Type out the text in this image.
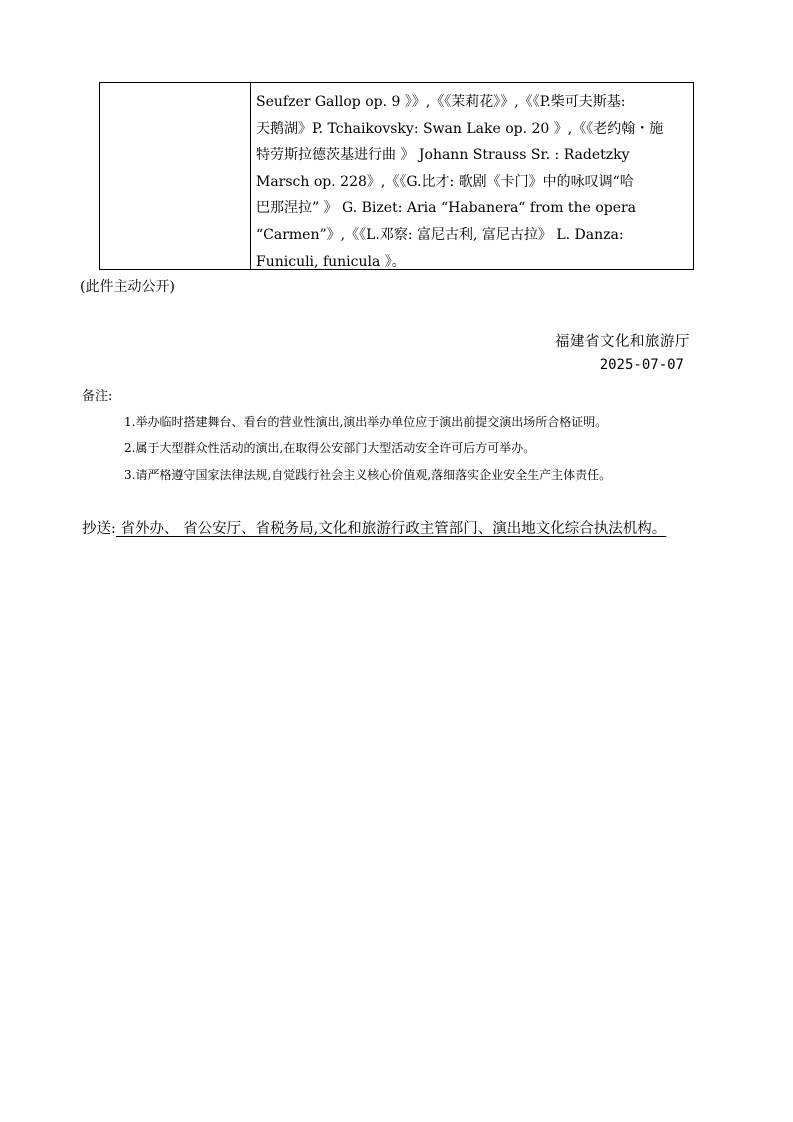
Seufzer Gallop op. 9 》》,《《茉莉花》》,《《P.柴可夫斯基:
天鹅湖》P. Tchaikovsky: Swan Lake op. 20 》,《《老约翰・施
特劳斯拉德茨基进行曲 》 Johann Strauss Sr. : Radetzky
Marsch op. 228》,《《G.比才: 歌剧《卡门》中的咏叹调“哈
巴那涅拉” 》 G. Bizet: Aria “Habanera“ from the opera
“Carmen”》,《《L.邓察: 富尼古利, 富尼古拉》 L. Danza:
Funiculi, funicula 》。
(此件主动公开)
福建省文化和旅游厅
2025-07-07
备注:
1.举办临时搭建舞台、看台的营业性演出,演出举办单位应于演出前提交演出场所合格证明。
2.属于大型群众性活动的演出,在取得公安部门大型活动安全许可后方可举办。
3.请严格遵守国家法律法规,自觉践行社会主义核心价值观,落细落实企业安全生产主体责任。
抄送: 省外办、 省公安厅、省税务局,文化和旅游行政主管部门、演出地文化综合执法机构。
